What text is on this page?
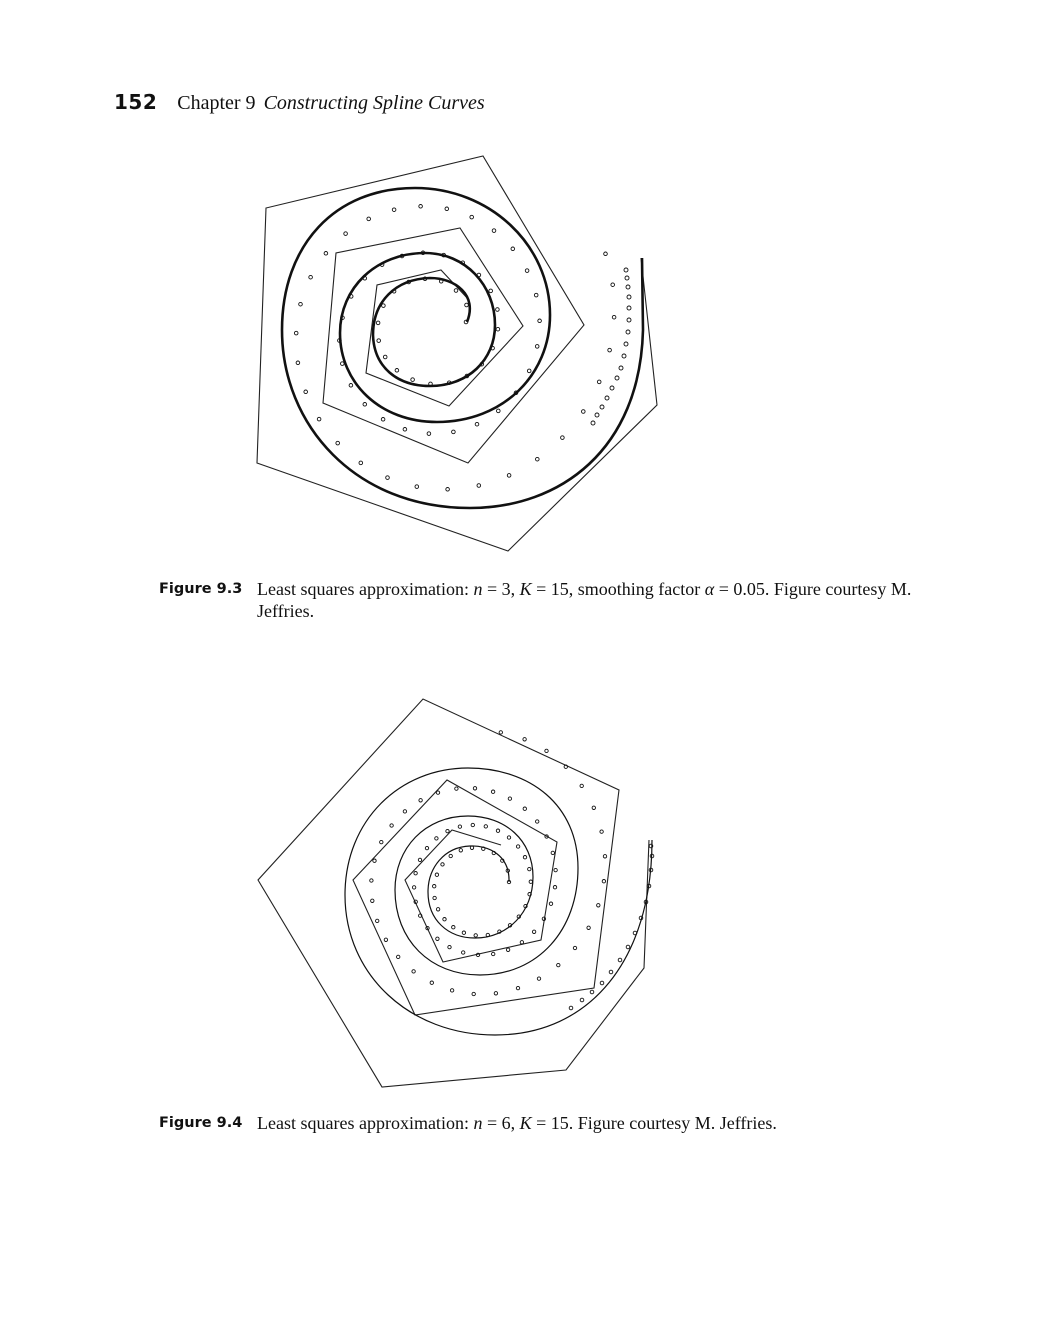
152 Chapter 9 Constructing Spline Curves
Figure 9.3 Least squares approximation: n = 3, K = 15, smoothing factor α = 0.05. Figure courtesy M. Jeffries.
Figure 9.4 Least squares approximation: n = 6, K = 15. Figure courtesy M. Jeffries.
